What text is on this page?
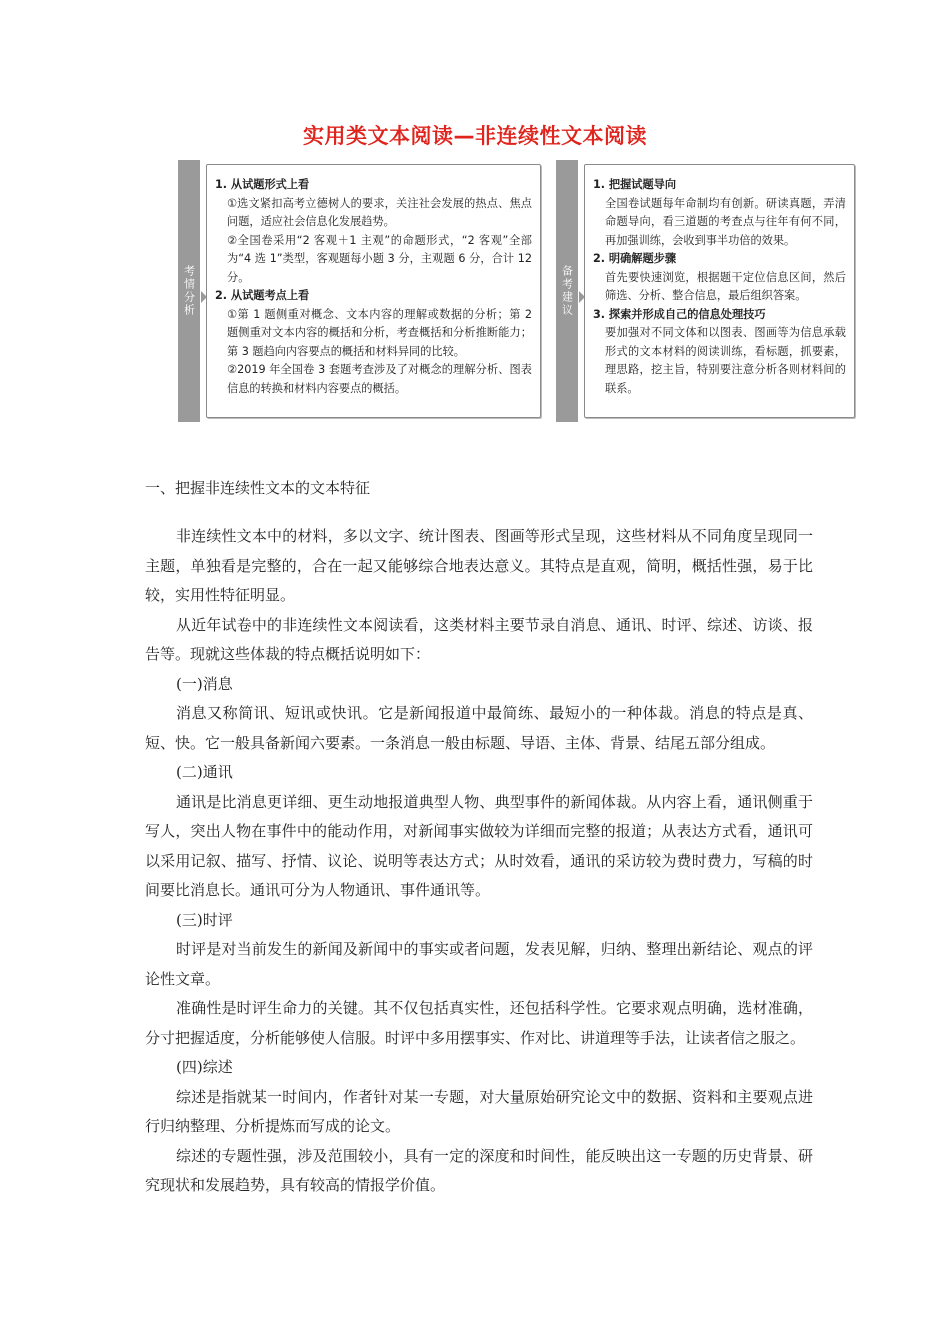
实用类文本阅读—非连续性文本阅读
考情分析
1. 从试题形式上看
①选文紧扣高考立德树人的要求，关注社会发展的热点、焦点问题，适应社会信息化发展趋势。
②全国卷采用“2 客观＋1 主观”的命题形式，“2 客观”全部为“4 选 1”类型，客观题每小题 3 分，主观题 6 分，合计 12 分。
2. 从试题考点上看
①第 1 题侧重对概念、文本内容的理解或数据的分析；第 2 题侧重对文本内容的概括和分析，考查概括和分析推断能力；第 3 题趋向内容要点的概括和材料异同的比较。
②2019 年全国卷 3 套题考查涉及了对概念的理解分析、图表信息的转换和材料内容要点的概括。
备考建议
1. 把握试题导向
全国卷试题每年命制均有创新。研读真题，弄清命题导向，看三道题的考查点与往年有何不同，再加强训练，会收到事半功倍的效果。
2. 明确解题步骤
首先要快速浏览，根据题干定位信息区间，然后筛选、分析、整合信息，最后组织答案。
3. 探索并形成自己的信息处理技巧
要加强对不同文体和以图表、图画等为信息承载形式的文本材料的阅读训练，看标题，抓要素，理思路，挖主旨，特别要注意分析各则材料间的联系。
一、把握非连续性文本的文本特征

非连续性文本中的材料，多以文字、统计图表、图画等形式呈现，这些材料从不同角度呈现同一主题，单独看是完整的，合在一起又能够综合地表达意义。其特点是直观，简明，概括性强，易于比较，实用性特征明显。

从近年试卷中的非连续性文本阅读看，这类材料主要节录自消息、通讯、时评、综述、访谈、报告等。现就这些体裁的特点概括说明如下：

(一)消息

消息又称简讯、短讯或快讯。它是新闻报道中最简练、最短小的一种体裁。消息的特点是真、短、快。它一般具备新闻六要素。一条消息一般由标题、导语、主体、背景、结尾五部分组成。

(二)通讯

通讯是比消息更详细、更生动地报道典型人物、典型事件的新闻体裁。从内容上看，通讯侧重于写人，突出人物在事件中的能动作用，对新闻事实做较为详细而完整的报道；从表达方式看，通讯可以采用记叙、描写、抒情、议论、说明等表达方式；从时效看，通讯的采访较为费时费力，写稿的时间要比消息长。通讯可分为人物通讯、事件通讯等。

(三)时评

时评是对当前发生的新闻及新闻中的事实或者问题，发表见解，归纳、整理出新结论、观点的评论性文章。

准确性是时评生命力的关键。其不仅包括真实性，还包括科学性。它要求观点明确，选材准确，分寸把握适度，分析能够使人信服。时评中多用摆事实、作对比、讲道理等手法，让读者信之服之。

(四)综述

综述是指就某一时间内，作者针对某一专题，对大量原始研究论文中的数据、资料和主要观点进行归纳整理、分析提炼而写成的论文。

综述的专题性强，涉及范围较小，具有一定的深度和时间性，能反映出这一专题的历史背景、研究现状和发展趋势，具有较高的情报学价值。
